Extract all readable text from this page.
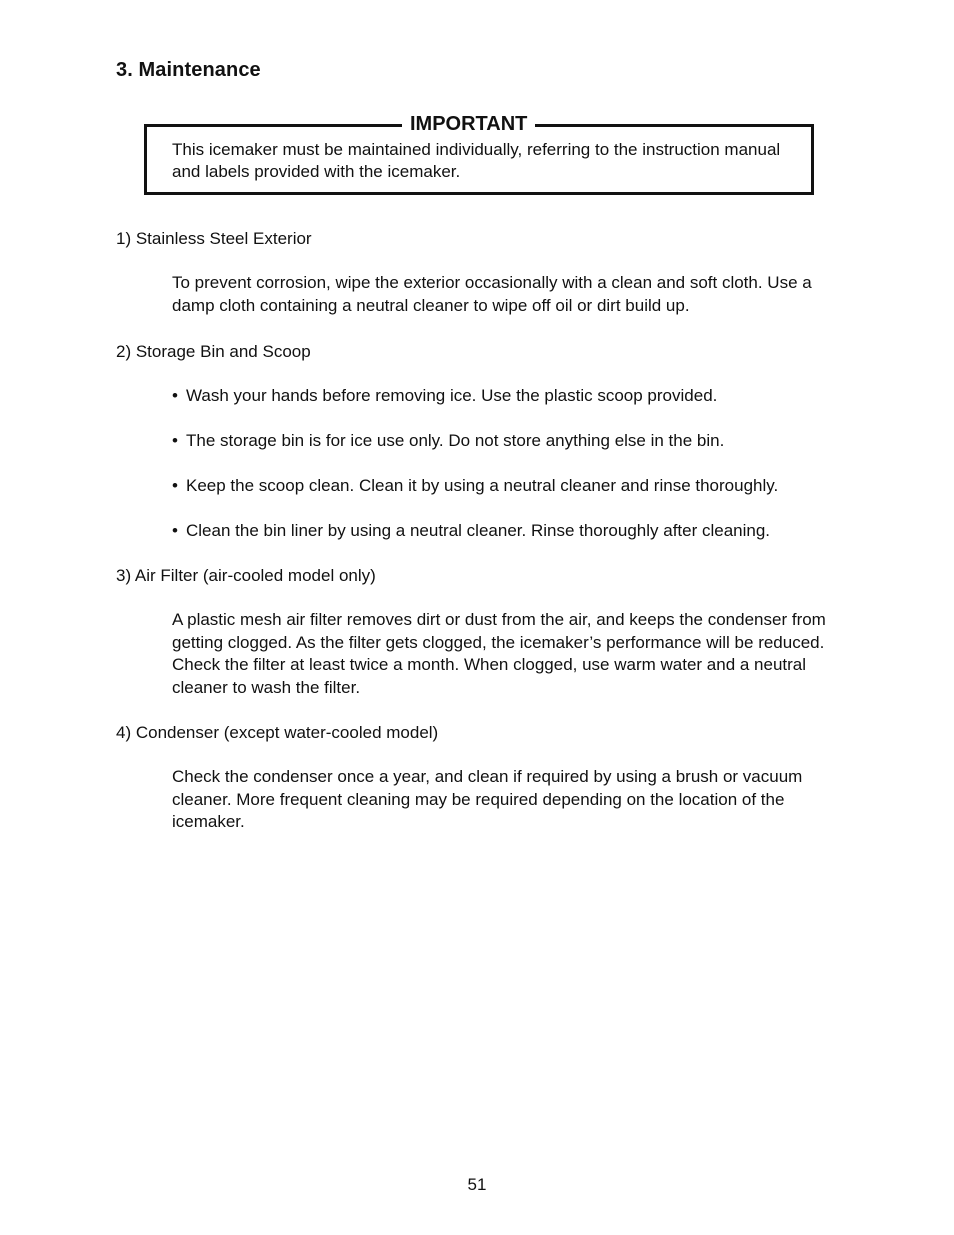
3. Maintenance
IMPORTANT

This icemaker must be maintained individually, referring to the instruction manual and labels provided with the icemaker.

1) Stainless Steel Exterior

To prevent corrosion, wipe the exterior occasionally with a clean and soft cloth. Use a damp cloth containing a neutral cleaner to wipe off oil or dirt build up.

2) Storage Bin and Scoop

• Wash your hands before removing ice. Use the plastic scoop provided.

• The storage bin is for ice use only. Do not store anything else in the bin.

• Keep the scoop clean. Clean it by using a neutral cleaner and rinse thoroughly.

• Clean the bin liner by using a neutral cleaner. Rinse thoroughly after cleaning.

3) Air Filter (air-cooled model only)

A plastic mesh air filter removes dirt or dust from the air, and keeps the condenser from getting clogged. As the filter gets clogged, the icemaker’s performance will be reduced. Check the filter at least twice a month. When clogged, use warm water and a neutral cleaner to wash the filter.

4) Condenser (except water-cooled model)

Check the condenser once a year, and clean if required by using a brush or vacuum cleaner. More frequent cleaning may be required depending on the location of the icemaker.

51
